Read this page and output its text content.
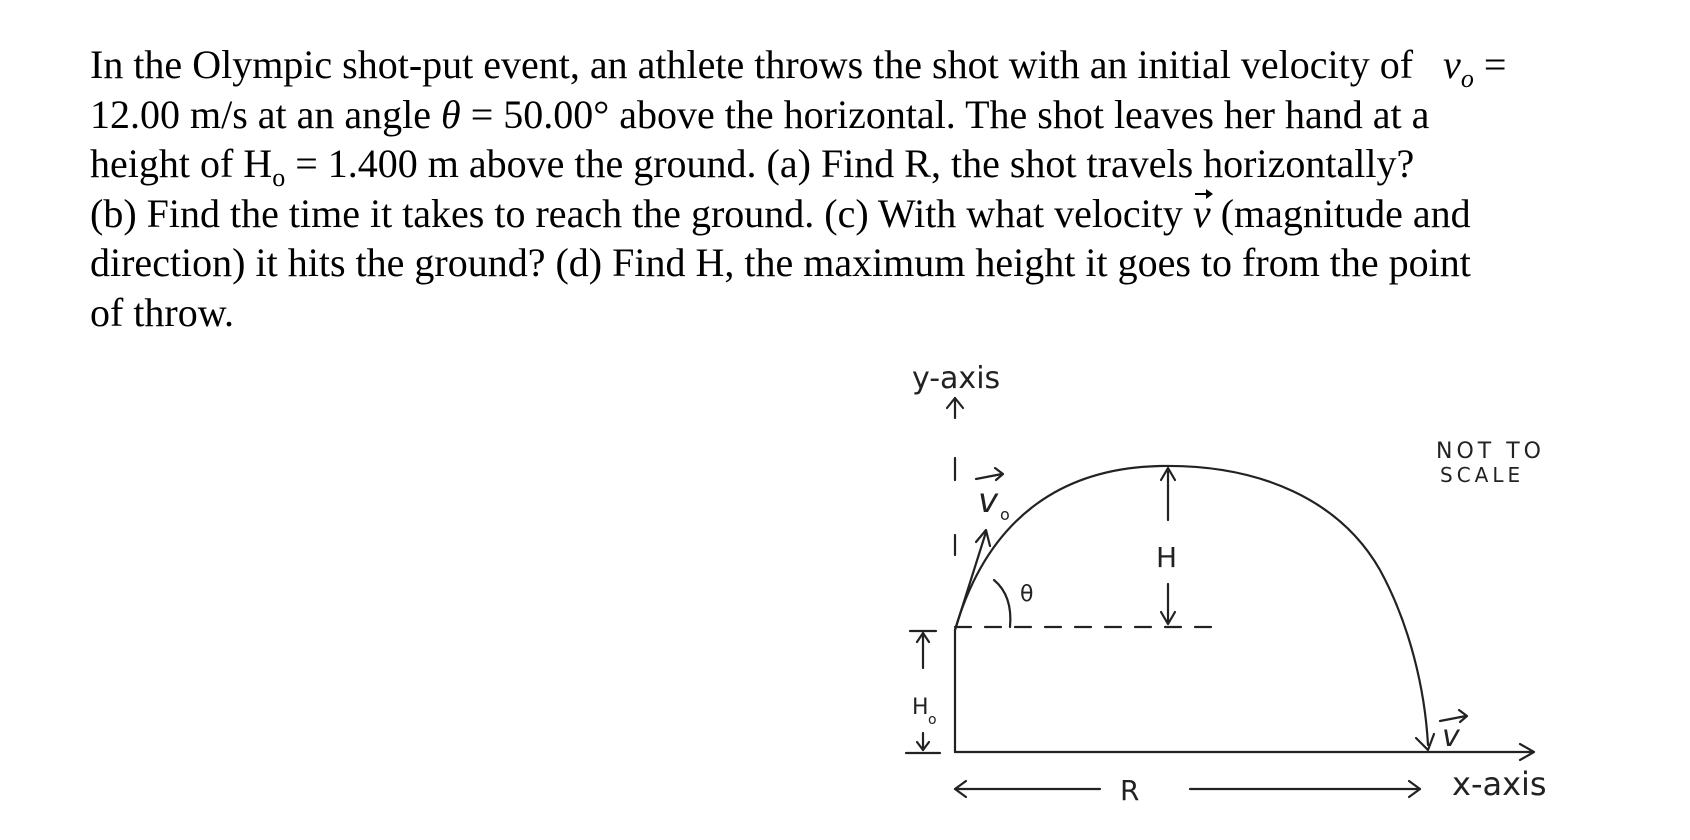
In the Olympic shot-put event, an athlete throws the shot with an initial velocity of $v_o$ =
12.00 m/s at an angle θ = 50.00° above the horizontal. The shot leaves her hand at a
height of $H_o = 1.400$ m above the ground. (a) Find R, the shot travels horizontally?
(b) Find the time it takes to reach the ground. (c) With what velocity v (magnitude and
direction) it hits the ground? (d) Find H, the maximum height it goes to from the point
of throw.
y-axis
NOT TO
SCALE
v o
θ
H
H o
R
v
x-axis
